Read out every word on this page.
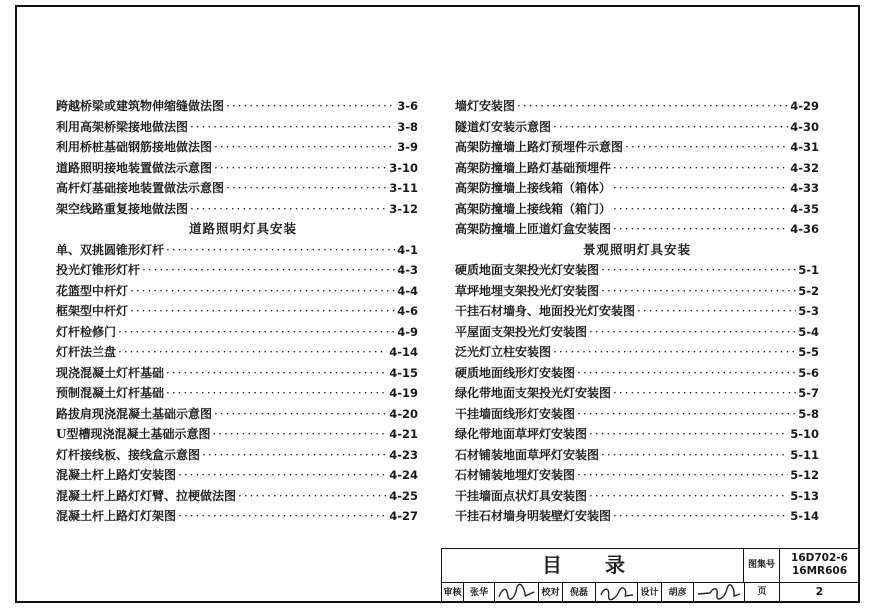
跨越桥梁或建筑物伸缩缝做法图 ·····	3-6
利用高架桥梁接地做法图 ·····	3-8
利用桥桩基础钢筋接地做法图 ·····	3-9
道路照明接地装置做法示意图 ·····	3-10
高杆灯基础接地装置做法示意图 ·····	3-11
架空线路重复接地做法图 ·····	3-12
道路照明灯具安装
单、双挑圆锥形灯杆 ·····	4-1
投光灯锥形灯杆 ·····	4-3
花篮型中杆灯 ·····	4-4
框架型中杆灯 ·····	4-6
灯杆检修门 ·····	4-9
灯杆法兰盘 ·····	4-14
现浇混凝土灯杆基础 ·····	4-15
预制混凝土灯杆基础 ·····	4-19
路拔肩现浇混凝土基础示意图 ·····	4-20
U型槽现浇混凝土基础示意图 ·····	4-21
灯杆接线板、接线盒示意图 ·····	4-23
混凝土杆上路灯安装图 ·····	4-24
混凝土杆上路灯灯臂、拉梗做法图 ·····	4-25
混凝土杆上路灯灯架图 ·····	4-27
墙灯安装图 ·····	4-29
隧道灯安装示意图 ·····	4-30
高架防撞墙上路灯预埋件示意图 ·····	4-31
高架防撞墙上路灯基础预埋件 ·····	4-32
高架防撞墙上接线箱（箱体） ·····	4-33
高架防撞墙上接线箱（箱门） ·····	4-35
高架防撞墙上匝道灯盒安装图 ·····	4-36
景观照明灯具安装
硬质地面支架投光灯安装图 ·····	5-1
草坪地埋支架投光灯安装图 ·····	5-2
干挂石材墙身、地面投光灯安装图 ·····	5-3
平屋面支架投光灯安装图 ·····	5-4
泛光灯立柱安装图 ·····	5-5
硬质地面线形灯安装图 ·····	5-6
绿化带地面支架投光灯安装图 ·····	5-7
干挂墙面线形灯安装图 ·····	5-8
绿化带地面草坪灯安装图 ·····	5-10
石材铺装地面草坪灯安装图 ·····	5-11
石材铺装地埋灯安装图 ·····	5-12
干挂墙面点状灯具安装图 ·····	5-13
干挂石材墙身明装壁灯安装图 ·····	5-14
目 录	图集号
16D702-6
16MR606
审核 张华	校对	倪磊	设计	胡彦	页	2
